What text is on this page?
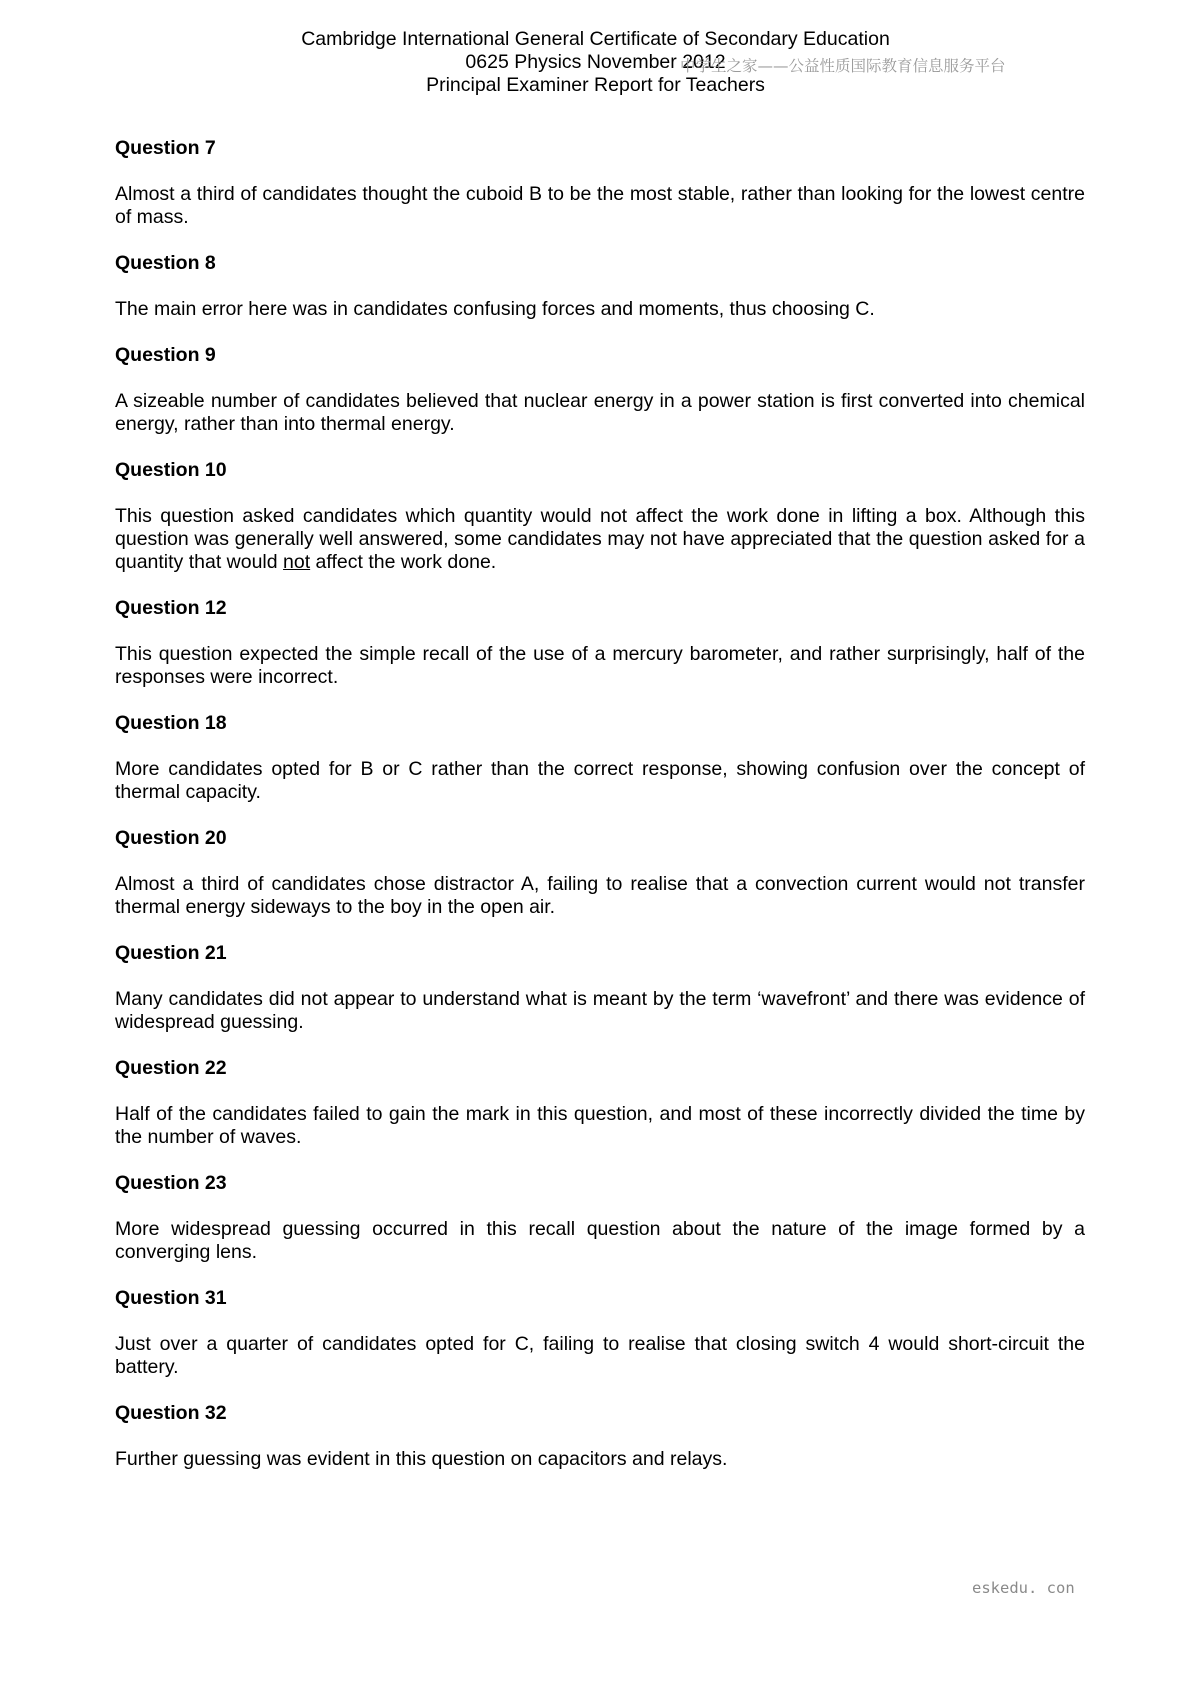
Cambridge International General Certificate of Secondary Education
0625 Physics November 2012
Principal Examiner Report for Teachers
中学生之家——公益性质国际教育信息服务平台
Question 7

Almost a third of candidates thought the cuboid B to be the most stable, rather than looking for the lowest centre of mass.

Question 8

The main error here was in candidates confusing forces and moments, thus choosing C.

Question 9

A sizeable number of candidates believed that nuclear energy in a power station is first converted into chemical energy, rather than into thermal energy.

Question 10

This question asked candidates which quantity would not affect the work done in lifting a box. Although this question was generally well answered, some candidates may not have appreciated that the question asked for a quantity that would not affect the work done.

Question 12

This question expected the simple recall of the use of a mercury barometer, and rather surprisingly, half of the responses were incorrect.

Question 18

More candidates opted for B or C rather than the correct response, showing confusion over the concept of thermal capacity.

Question 20

Almost a third of candidates chose distractor A, failing to realise that a convection current would not transfer thermal energy sideways to the boy in the open air.

Question 21

Many candidates did not appear to understand what is meant by the term ‘wavefront’ and there was evidence of widespread guessing.

Question 22

Half of the candidates failed to gain the mark in this question, and most of these incorrectly divided the time by the number of waves.

Question 23

More widespread guessing occurred in this recall question about the nature of the image formed by a converging lens.

Question 31

Just over a quarter of candidates opted for C, failing to realise that closing switch 4 would short-circuit the battery.

Question 32

Further guessing was evident in this question on capacitors and relays.

eskedu. con
